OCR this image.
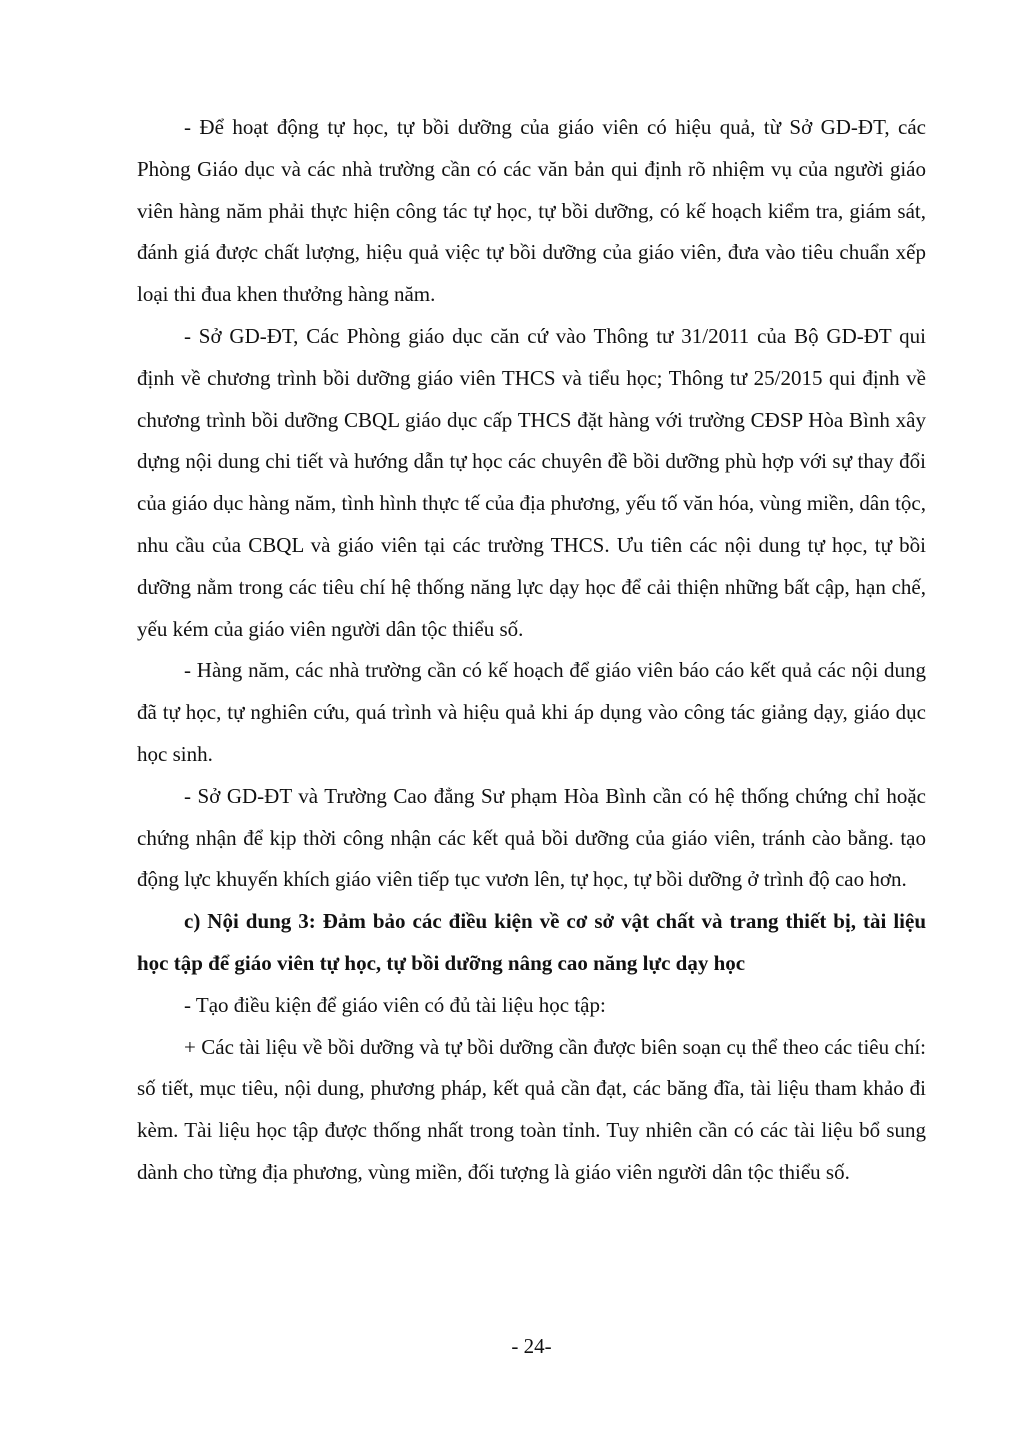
- Để hoạt động tự học, tự bồi dưỡng của giáo viên có hiệu quả, từ Sở GD-ĐT, các Phòng Giáo dục và các nhà trường cần có các văn bản qui định rõ nhiệm vụ của người giáo viên hàng năm phải thực hiện công tác tự học, tự bồi dưỡng, có kế hoạch kiểm tra, giám sát, đánh giá được chất lượng, hiệu quả việc tự bồi dưỡng của giáo viên, đưa vào tiêu chuẩn xếp loại thi đua khen thưởng hàng năm.

- Sở GD-ĐT, Các Phòng giáo dục căn cứ vào Thông tư 31/2011 của Bộ GD-ĐT qui định về chương trình bồi dưỡng giáo viên THCS và tiểu học; Thông tư 25/2015 qui định về chương trình bồi dưỡng CBQL giáo dục cấp THCS đặt hàng với trường CĐSP Hòa Bình xây dựng nội dung chi tiết và hướng dẫn tự học các chuyên đề bồi dưỡng phù hợp với sự thay đổi của giáo dục hàng năm, tình hình thực tế của địa phương, yếu tố văn hóa, vùng miền, dân tộc, nhu cầu của CBQL và giáo viên tại các trường THCS. Ưu tiên các nội dung tự học, tự bồi dưỡng nằm trong các tiêu chí hệ thống năng lực dạy học để cải thiện những bất cập, hạn chế, yếu kém của giáo viên người dân tộc thiểu số.

- Hàng năm, các nhà trường cần có kế hoạch để giáo viên báo cáo kết quả các nội dung đã tự học, tự nghiên cứu, quá trình và hiệu quả khi áp dụng vào công tác giảng dạy, giáo dục học sinh.

- Sở GD-ĐT và Trường Cao đẳng Sư phạm Hòa Bình cần có hệ thống chứng chỉ hoặc chứng nhận để kịp thời công nhận các kết quả bồi dưỡng của giáo viên, tránh cào bằng. tạo động lực khuyến khích giáo viên tiếp tục vươn lên, tự học, tự bồi dưỡng ở trình độ cao hơn.

c) Nội dung 3: Đảm bảo các điều kiện về cơ sở vật chất và trang thiết bị, tài liệu học tập để giáo viên tự học, tự bồi dưỡng nâng cao năng lực dạy học

- Tạo điều kiện để giáo viên có đủ tài liệu học tập:

+ Các tài liệu về bồi dưỡng và tự bồi dưỡng cần được biên soạn cụ thể theo các tiêu chí: số tiết, mục tiêu, nội dung, phương pháp, kết quả cần đạt, các băng đĩa, tài liệu tham khảo đi kèm. Tài liệu học tập được thống nhất trong toàn tỉnh. Tuy nhiên cần có các tài liệu bổ sung dành cho từng địa phương, vùng miền, đối tượng là giáo viên người dân tộc thiểu số.

- 24-
